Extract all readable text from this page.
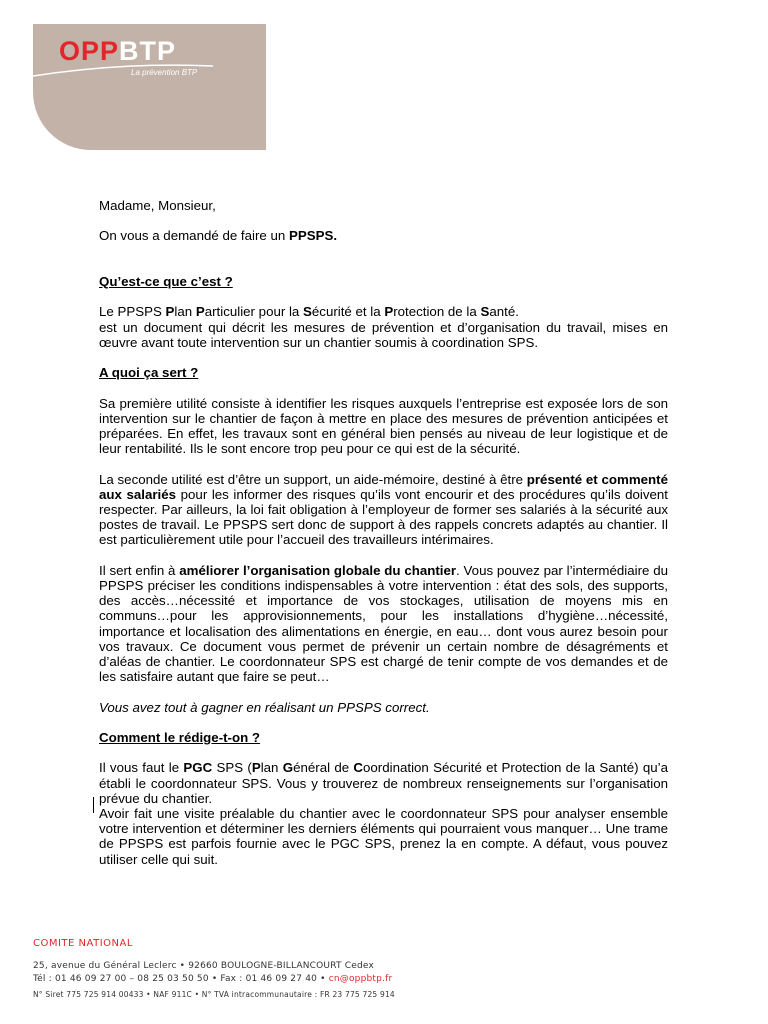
OPPBTP
La prévention BTP

Madame, Monsieur,

On vous a demandé de faire un PPSPS.

Qu’est-ce que c’est ?

Le PPSPS Plan Particulier pour la Sécurité et la Protection de la Santé.

est un document qui décrit les mesures de prévention et d’organisation du travail, mises en œuvre avant toute intervention sur un chantier soumis à coordination SPS.

A quoi ça sert ?

Sa première utilité consiste à identifier les risques auxquels l’entreprise est exposée lors de son intervention sur le chantier de façon à mettre en place des mesures de prévention anticipées et préparées. En effet, les travaux sont en général bien pensés au niveau de leur logistique et de leur rentabilité. Ils le sont encore trop peu pour ce qui est de la sécurité.

La seconde utilité est d’être un support, un aide-mémoire, destiné à être présenté et commenté aux salariés pour les informer des risques qu’ils vont encourir et des procédures qu’ils doivent respecter. Par ailleurs, la loi fait obligation à l’employeur de former ses salariés à la sécurité aux postes de travail. Le PPSPS sert donc de support à des rappels concrets adaptés au chantier. Il est particulièrement utile pour l’accueil des travailleurs intérimaires.

Il sert enfin à améliorer l’organisation globale du chantier. Vous pouvez par l’intermédiaire du PPSPS préciser les conditions indispensables à votre intervention : état des sols, des supports, des accès…nécessité et importance de vos stockages, utilisation de moyens mis en communs…pour les approvisionnements, pour les installations d’hygiène…nécessité, importance et localisation des alimentations en énergie, en eau… dont vous aurez besoin pour vos travaux. Ce document vous permet de prévenir un certain nombre de désagréments et d’aléas de chantier. Le coordonnateur SPS est chargé de tenir compte de vos demandes et de les satisfaire autant que faire se peut…

Vous avez tout à gagner en réalisant un PPSPS correct.

Comment le rédige-t-on ?

Il vous faut le PGC SPS (Plan Général de Coordination Sécurité et Protection de la Santé) qu’a établi le coordonnateur SPS. Vous y trouverez de nombreux renseignements sur l’organisation prévue du chantier.

Avoir fait une visite préalable du chantier avec le coordonnateur SPS pour analyser ensemble votre intervention et déterminer les derniers éléments qui pourraient vous manquer… Une trame de PPSPS est parfois fournie avec le PGC SPS, prenez la en compte. A défaut, vous pouvez utiliser celle qui suit.

COMITE NATIONAL
25, avenue du Général Leclerc • 92660 BOULOGNE-BILLANCOURT Cedex
Tél : 01 46 09 27 00 – 08 25 03 50 50 • Fax : 01 46 09 27 40 • cn@oppbtp.fr
N° Siret 775 725 914 00433 • NAF 911C • N° TVA intracommunautaire : FR 23 775 725 914
